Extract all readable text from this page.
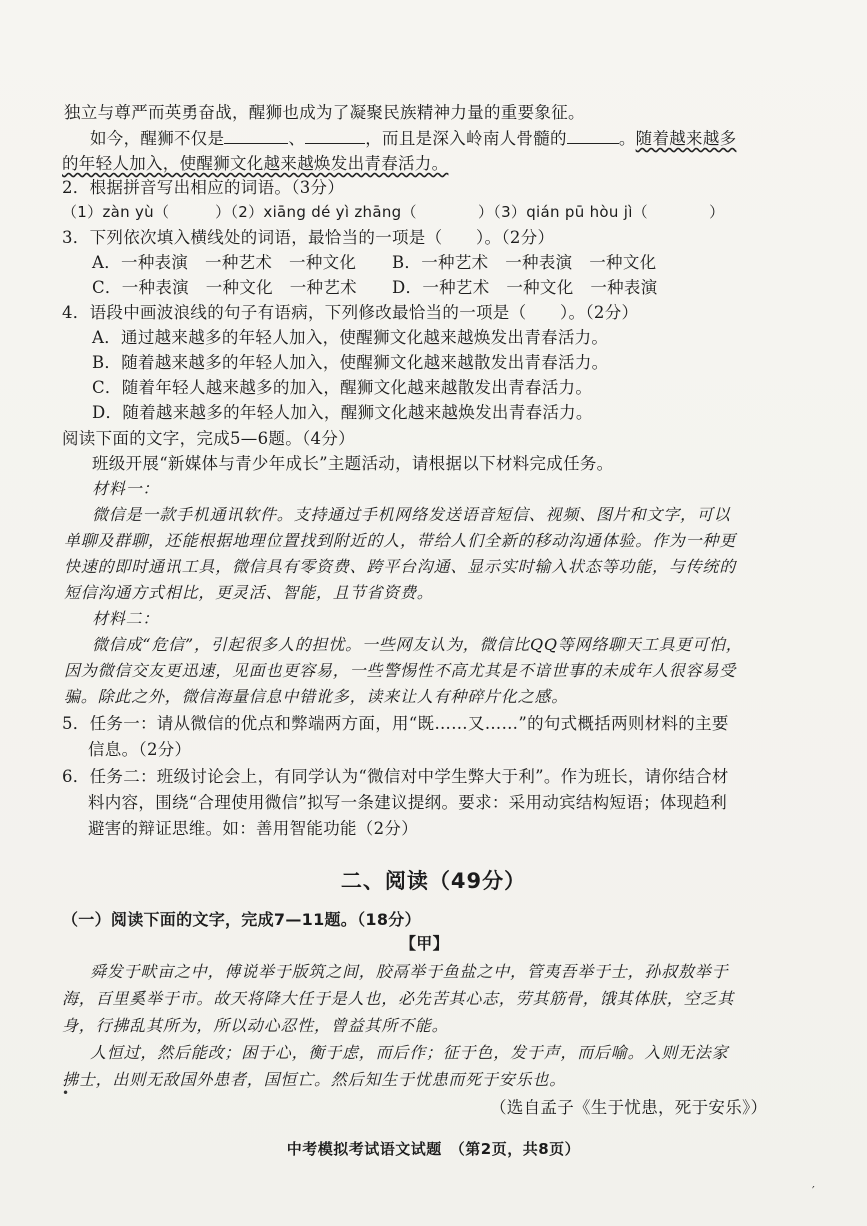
独立与尊严而英勇奋战，醒狮也成为了凝聚民族精神力量的重要象征。
如今，醒狮不仅是	、	，而且是深入岭南人骨髓的	。随着越来越多
的年轻人加入，使醒狮文化越来越焕发出青春活力。
2．根据拼音写出相应的词语。（3分）
（1）zàn yù（　　　）（2）xiāng dé yì zhāng（　　　　）（3）qián pū hòu jì（　　　　）
3．下列依次填入横线处的词语，最恰当的一项是（　　）。（2分）
A．一种表演　一种艺术　一种文化 B．一种艺术　一种表演　一种文化
C．一种表演　一种文化　一种艺术 D．一种艺术　一种文化　一种表演
4．语段中画波浪线的句子有语病，下列修改最恰当的一项是（　　）。（2分）
A．通过越来越多的年轻人加入，使醒狮文化越来越焕发出青春活力。
B．随着越来越多的年轻人加入，使醒狮文化越来越散发出青春活力。
C．随着年轻人越来越多的加入，醒狮文化越来越散发出青春活力。
D．随着越来越多的年轻人加入，醒狮文化越来越焕发出青春活力。
阅读下面的文字，完成5—6题。（4分）
班级开展“新媒体与青少年成长”主题活动，请根据以下材料完成任务。
材料一：
微信是一款手机通讯软件。支持通过手机网络发送语音短信、视频、图片和文字，可以
单聊及群聊，还能根据地理位置找到附近的人，带给人们全新的移动沟通体验。作为一种更
快速的即时通讯工具，微信具有零资费、跨平台沟通、显示实时输入状态等功能，与传统的
短信沟通方式相比，更灵活、智能，且节省资费。
材料二：
微信成“危信”，引起很多人的担忧。一些网友认为，微信比QQ等网络聊天工具更可怕，
因为微信交友更迅速，见面也更容易，一些警惕性不高尤其是不谙世事的未成年人很容易受
骗。除此之外，微信海量信息中错讹多，读来让人有种碎片化之感。
5．任务一：请从微信的优点和弊端两方面，用“既……又……”的句式概括两则材料的主要
信息。（2分）
6．任务二：班级讨论会上，有同学认为“微信对中学生弊大于利”。作为班长，请你结合材
料内容，围绕“合理使用微信”拟写一条建议提纲。要求：采用动宾结构短语；体现趋利
避害的辩证思维。如：善用智能功能（2分）
二、阅读（49分）
（一）阅读下面的文字，完成7—11题。（18分）
【甲】
舜发于畎亩之中，傅说举于版筑之间，胶鬲举于鱼盐之中，管夷吾举于士，孙叔敖举于
海，百里奚举于市。故天将降大任于是人也，必先苦其心志，劳其筋骨，饿其体肤，空乏其
身，行拂乱其所为，所以动心忍性，曾益其所不能。
人恒过，然后能改；困于心，衡于虑，而后作；征于色，发于声，而后喻。入则无法家
拂士，出则无敌国外患者，国恒亡。然后知生于忧患而死于安乐也。
（选自孟子《生于忧患，死于安乐》）
中考模拟考试语文试题　（第2页，共8页）
•
′
